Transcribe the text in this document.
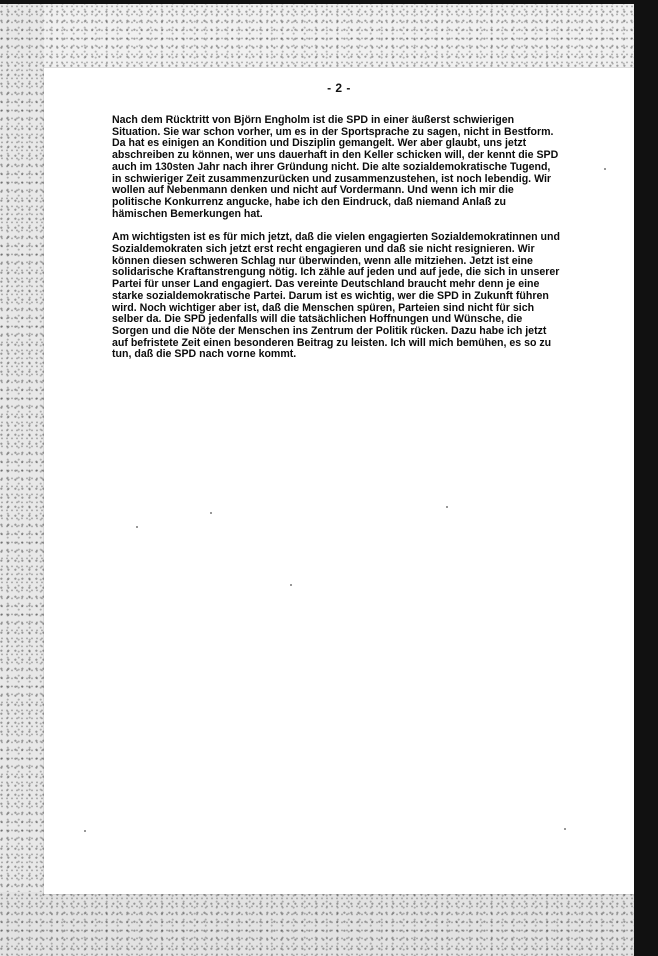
- 2 -

Nach dem Rücktritt von Björn Engholm ist die SPD in einer äußerst schwierigen Situation. Sie war schon vorher, um es in der Sportsprache zu sagen, nicht in Bestform. Da hat es einigen an Kondition und Disziplin gemangelt. Wer aber glaubt, uns jetzt abschreiben zu können, wer uns dauerhaft in den Keller schicken will, der kennt die SPD auch im 130sten Jahr nach ihrer Gründung nicht. Die alte sozialdemokratische Tugend, in schwieriger Zeit zusammenzurücken und zusammenzustehen, ist noch lebendig. Wir wollen auf Nebenmann denken und nicht auf Vordermann. Und wenn ich mir die politische Konkurrenz angucke, habe ich den Eindruck, daß niemand Anlaß zu hämischen Bemerkungen hat.

Am wichtigsten ist es für mich jetzt, daß die vielen engagierten Sozialdemokratinnen und Sozialdemokraten sich jetzt erst recht engagieren und daß sie nicht resignieren. Wir können diesen schweren Schlag nur überwinden, wenn alle mitziehen. Jetzt ist eine solidarische Kraftanstrengung nötig. Ich zähle auf jeden und auf jede, die sich in unserer Partei für unser Land engagiert. Das vereinte Deutschland braucht mehr denn je eine starke sozialdemokratische Partei. Darum ist es wichtig, wer die SPD in Zukunft führen wird. Noch wichtiger aber ist, daß die Menschen spüren, Parteien sind nicht für sich selber da. Die SPD jedenfalls will die tatsächlichen Hoffnungen und Wünsche, die Sorgen und die Nöte der Menschen ins Zentrum der Politik rücken. Dazu habe ich jetzt auf befristete Zeit einen besonderen Beitrag zu leisten. Ich will mich bemühen, es so zu tun, daß die SPD nach vorne kommt.
